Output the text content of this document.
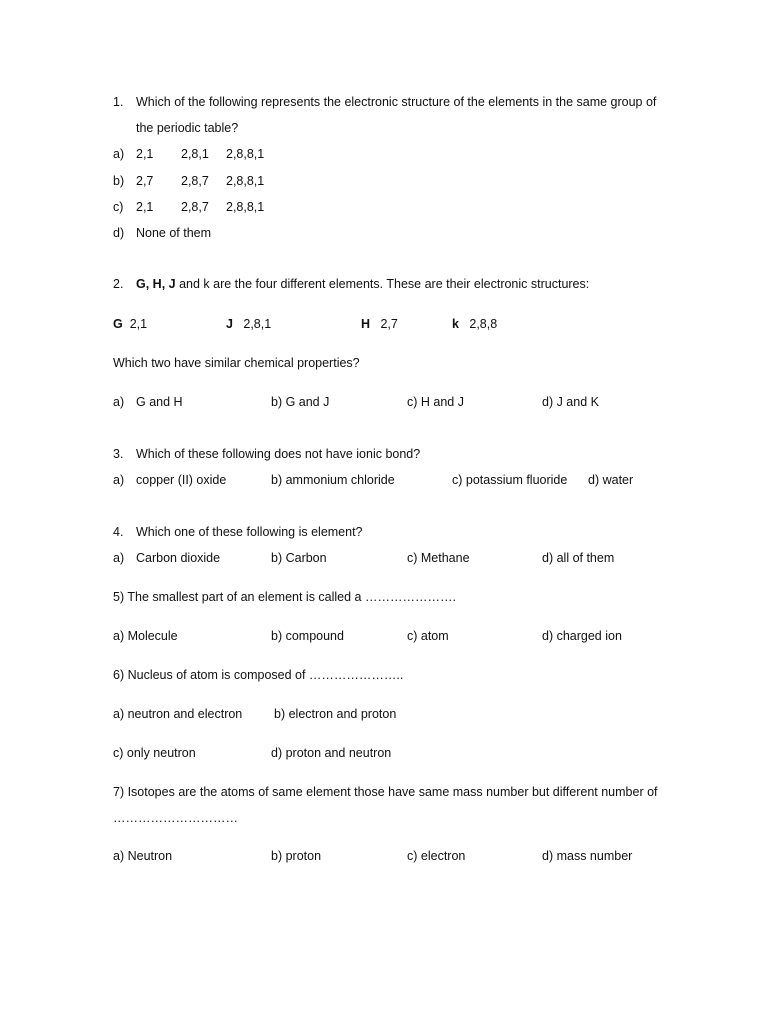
1. Which of the following represents the electronic structure of the elements in the same group of
the periodic table?
a) 2,1 2,8,1 2,8,8,1
b) 2,7 2,8,7 2,8,8,1
c) 2,1 2,8,7 2,8,8,1
d) None of them
2. G, H, J and k are the four different elements. These are their electronic structures:
G 2,1	J 2,8,1	H 2,7	k 2,8,8
Which two have similar chemical properties?
a) G and H	b) G and J	c) H and J	d) J and K
3. Which of these following does not have ionic bond?
a) copper (II) oxide	b) ammonium chloride	c) potassium fluoride d) water
4. Which one of these following is element?
a) Carbon dioxide	b) Carbon	c) Methane	d) all of them
5) The smallest part of an element is called a ………………….
a) Molecule	b) compound	c) atom	d) charged ion
6) Nucleus of atom is composed of …………………..
a) neutron and electron	b) electron and proton
c) only neutron	d) proton and neutron
7) Isotopes are the atoms of same element those have same mass number but different number of
…………………………
a) Neutron	b) proton	c) electron	d) mass number
